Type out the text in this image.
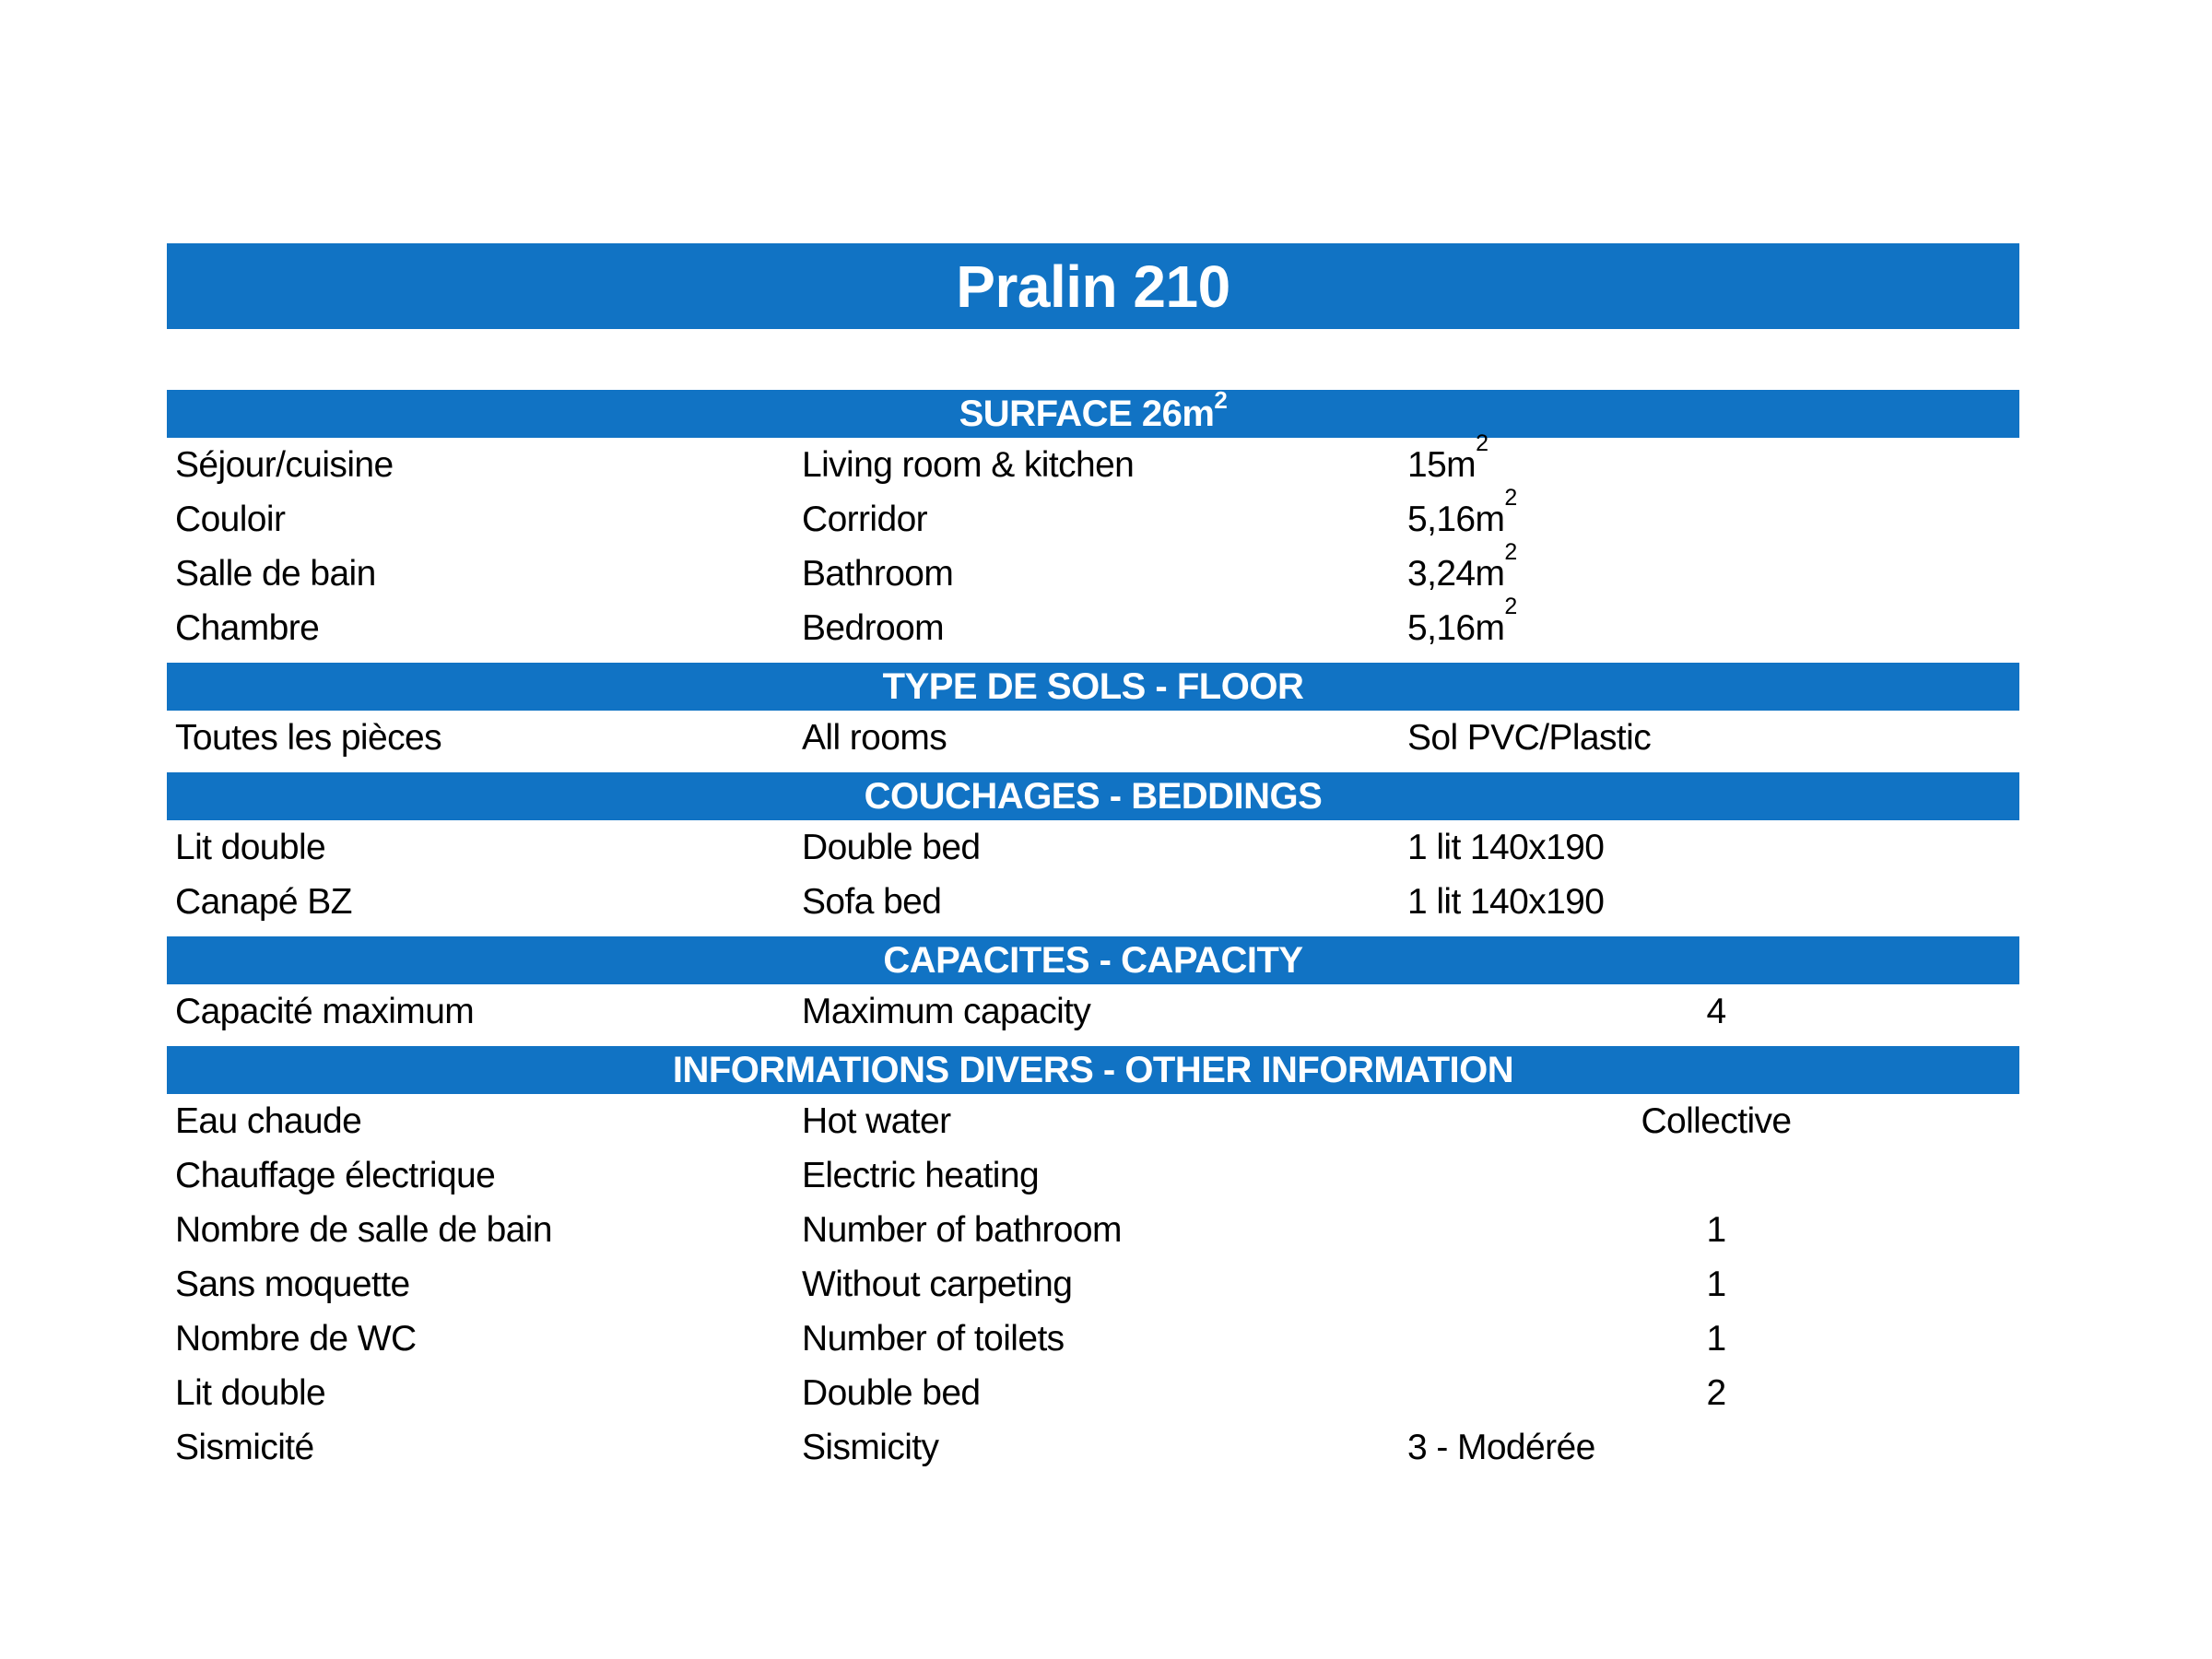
Pralin 210
SURFACE $26m^2$
Séjour/cuisine	Living room & kitchen	$15m^2$
Couloir	Corridor	$5,16m^2$
Salle de bain	Bathroom	$3,24m^2$
Chambre	Bedroom	$5,16m^2$
TYPE DE SOLS - FLOOR
Toutes les pièces	All rooms	Sol PVC/Plastic
COUCHAGES - BEDDINGS
Lit double	Double bed	1 lit 140x190
Canapé BZ	Sofa bed	1 lit 140x190
CAPACITES - CAPACITY
Capacité maximum	Maximum capacity	4
INFORMATIONS DIVERS - OTHER INFORMATION
Eau chaude	Hot water	Collective
Chauffage électrique	Electric heating
Nombre de salle de bain	Number of bathroom	1
Sans moquette	Without carpeting	1
Nombre de WC	Number of toilets	1
Lit double	Double bed	2
Sismicité	Sismicity	3 - Modérée
